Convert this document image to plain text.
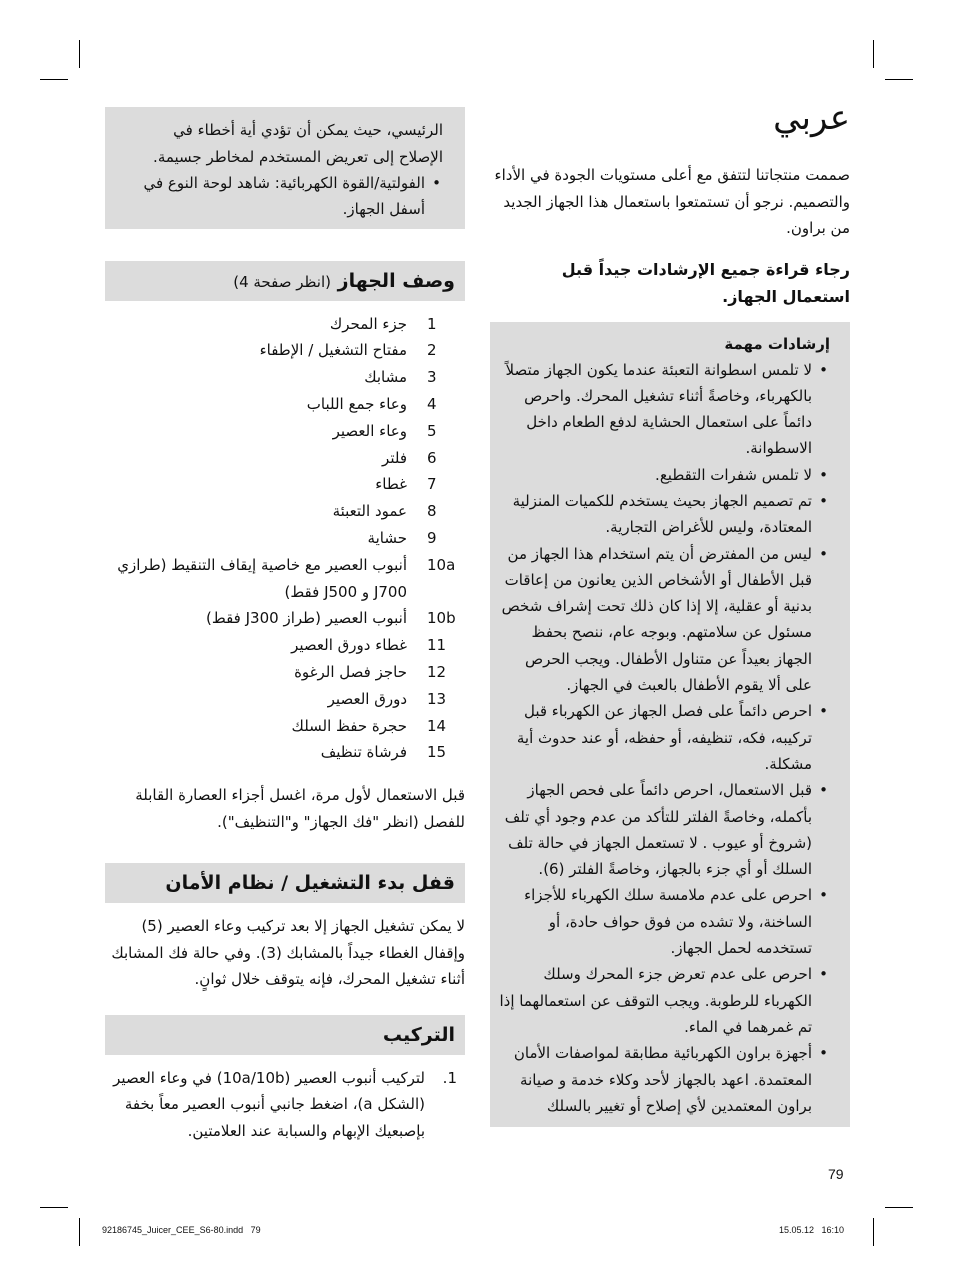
عربي

صممت منتجاتنا لتتفق مع أعلى مستويات الجودة في الأداء والتصميم. نرجو أن تستمتعوا باستعمال هذا الجهاز الجديد من براون.

رجاء قراءة جميع الإرشادات جيداً قبل استعمال الجهاز.

إرشادات مهمة
• لا تلمس اسطوانة التعبئة عندما يكون الجهاز متصلاً بالكهرباء، وخاصةً أثناء تشغيل المحرك. واحرص دائماً على استعمال الحشاية لدفع الطعام داخل الاسطوانة.
• لا تلمس شفرات التقطيع.
• تم تصميم الجهاز بحيث يستخدم للكميات المنزلية المعتادة، وليس للأغراض التجارية.
• ليس من المفترض أن يتم استخدام هذا الجهاز من قبل الأطفال أو الأشخاص الذين يعانون من إعاقات بدنية أو عقلية، إلا إذا كان ذلك تحت إشراف شخص مسئول عن سلامتهم. وبوجه عام، ننصح بحفظ الجهاز بعيداً عن متناول الأطفال. ويجب الحرص على ألا يقوم الأطفال بالعبث في الجهاز.
• احرص دائماً على فصل الجهاز عن الكهرباء قبل تركيبه، فكه، تنظيفه، أو حفظه، أو عند حدوث أية مشكلة.
• قبل الاستعمال، احرص دائماً على فحص الجهاز بأكمله، وخاصةً الفلتر للتأكد من عدم وجود أي تلف (شروخ أو عيوب . لا تستعمل الجهاز في حالة تلف السلك أو أي جزء بالجهاز، وخاصةً الفلتر (6).
• احرص على عدم ملامسة سلك الكهرباء للأجزاء الساخنة، ولا تشده من فوق حواف حادة، أو تستخدمه لحمل الجهاز.
• احرص على عدم تعرض جزء المحرك وسلك الكهرباء للرطوبة. ويجب التوقف عن استعمالهما إذا تم غمرهما في الماء.
• أجهزة براون الكهربائية مطابقة لمواصفات الأمان المعتمدة. اعهد بالجهاز لأحد وكلاء خدمة و صيانة براون المعتمدين لأي إصلاح أو تغيير بالسلك

الرئيسي، حيث يمكن أن تؤدي أية أخطاء في الإصلاح إلى تعريض المستخدم لمخاطر جسيمة.

• الفولتية/القوة الكهربائية: شاهد لوحة النوع في أسفل الجهاز.
وصف الجهاز (انظر صفحة 4)
1
جزء المحرك
2
مفتاح التشغيل / الإطفاء
3
مشابك
4
وعاء جمع اللباب
5
وعاء العصير
6
فلتر
7
غطاء
8
عمود التعبئة
9
حشاية
10a
أنبوب العصير مع خاصية إيقاف التنقيط (طرازي J700 و J500 فقط)
10b
أنبوب العصير (طراز J300 فقط)
11
غطاء دورق العصير
12
حاجز فصل الرغوة
13
دورق العصير
14
حجرة حفظ السلك
15
فرشاة تنظيف

قبل الاستعمال لأول مرة، اغسل أجزاء العصارة القابلة للفصل (انظر "فك الجهاز" و"التنظيف").

قفل بدء التشغيل / نظام الأمان

لا يمكن تشغيل الجهاز إلا بعد تركيب وعاء العصير (5) وإقفال الغطاء جيداً بالمشابك (3). وفي حالة فك المشابك أثناء تشغيل المحرك، فإنه يتوقف خلال ثوانٍ.

التركيب
1.

لتركيب أنبوب العصير (10a/10b) في وعاء العصير (الشكل a)، اضغط جانبي أنبوب العصير معاً بخفة بإصبعيك الإبهام والسبابة عند العلامتين.

79
92186745_Juicer_CEE_S6-80.indd   79	15.05.12   16:10
